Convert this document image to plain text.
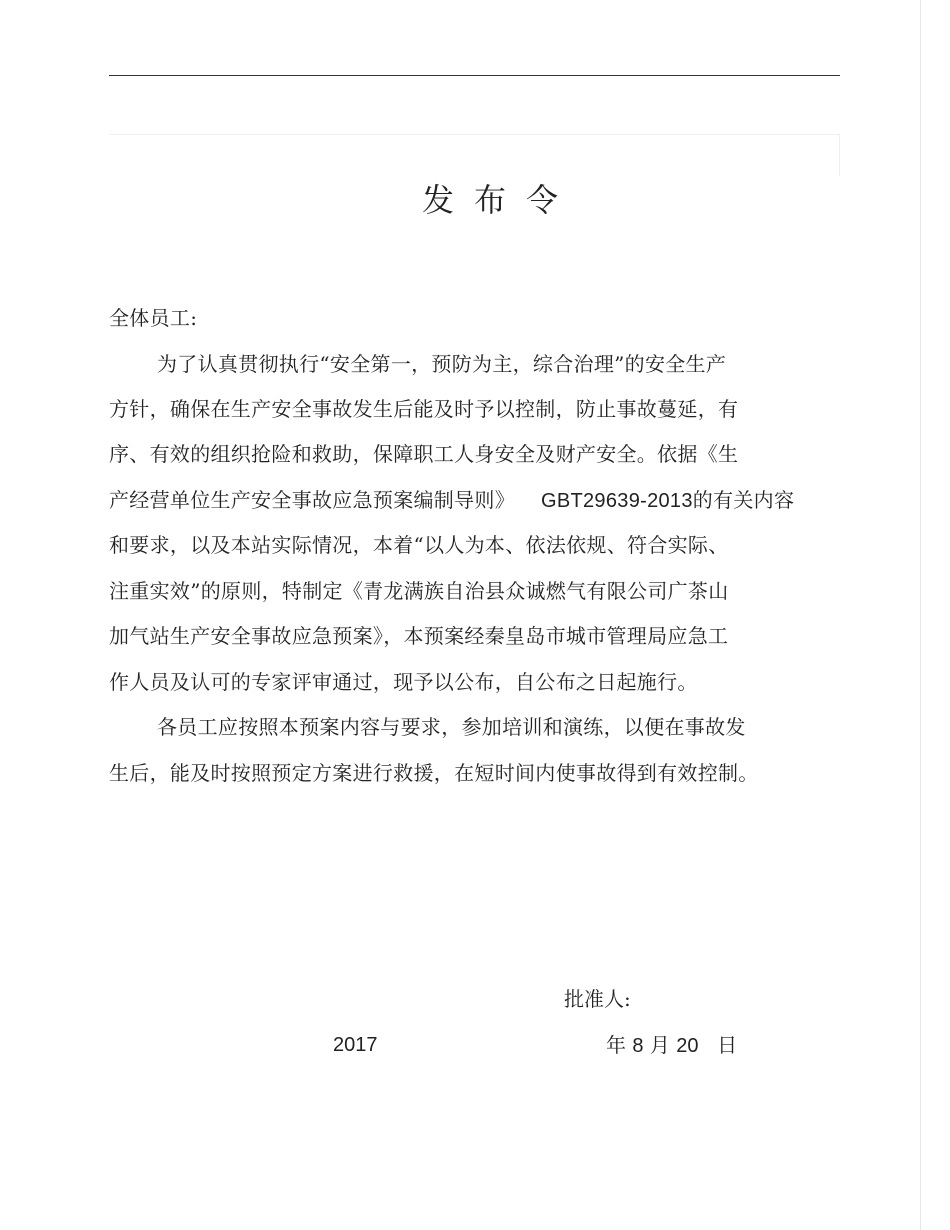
发布令
全体员工:
为了认真贯彻执行“安全第一，预防为主，综合治理”的安全生产
方针，确保在生产安全事故发生后能及时予以控制，防止事故蔓延，有
序、有效的组织抢险和救助，保障职工人身安全及财产安全。依据《生
产经营单位生产安全事故应急预案编制导则》 GBT29639-2013的有关内容
和要求，以及本站实际情况，本着“以人为本、依法依规、符合实际、
注重实效”的原则，特制定《青龙满族自治县众诚燃气有限公司广茶山
加气站生产安全事故应急预案》，本预案经秦皇岛市城市管理局应急工
作人员及认可的专家评审通过，现予以公布，自公布之日起施行。
各员工应按照本预案内容与要求，参加培训和演练，以便在事故发
生后，能及时按照预定方案进行救援，在短时间内使事故得到有效控制。
批准人:
2017	年 8 月 20 日
